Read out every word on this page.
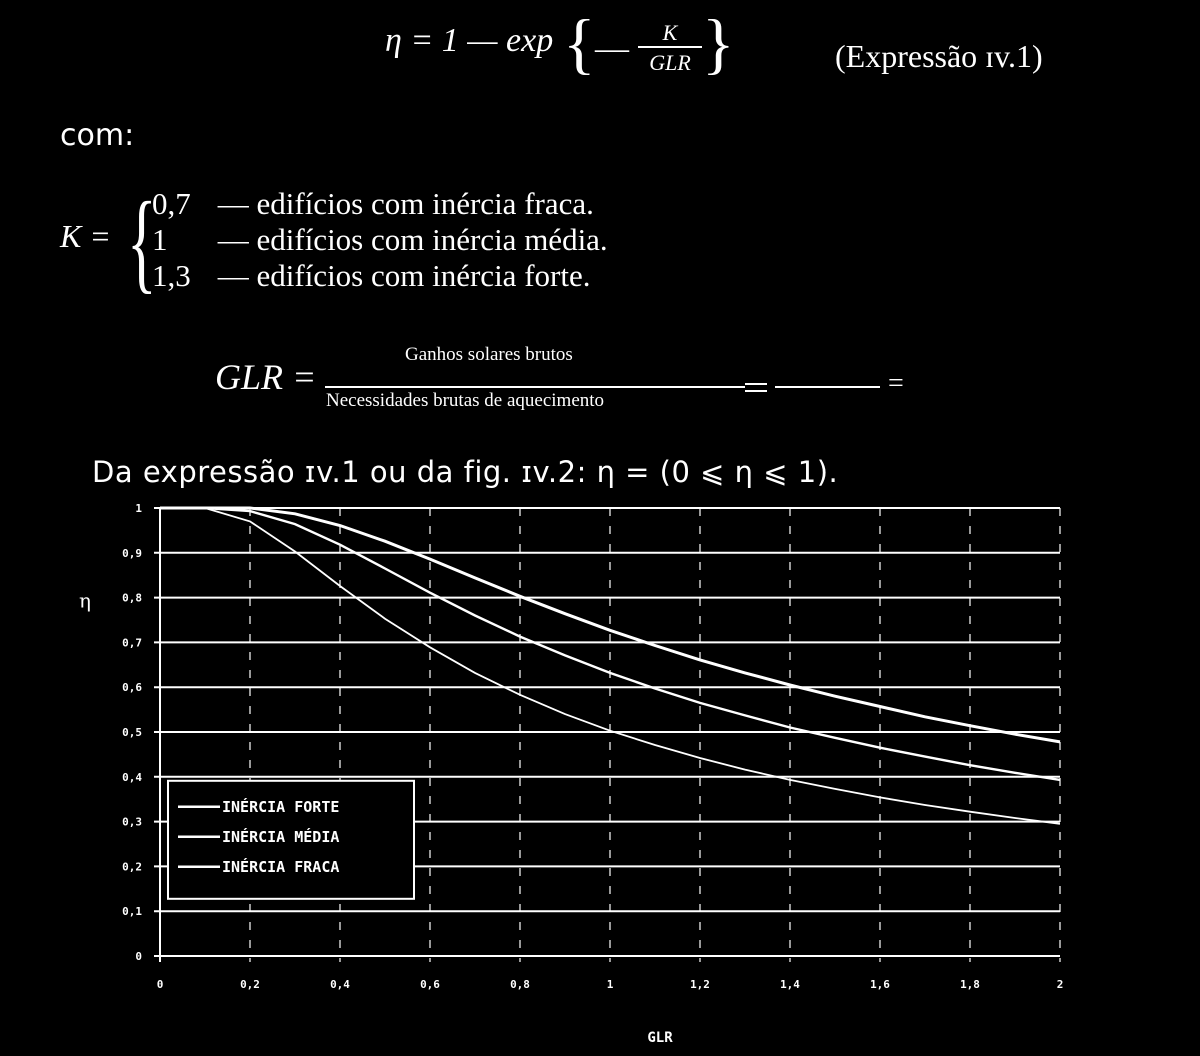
η = 1 — exp { —	K
GLR }	(Expressão ɪv.1)
com:
K = {
0,7 — edifícios com inércia fraca.
1 — edifícios com inércia média.
1,3 — edifícios com inércia forte.
GLR =
Ganhos solares brutos
Necessidades brutas de aquecimento
=
Da expressão ɪv.1 ou da fig. ɪv.2: η = (0 ⩽ η ⩽ 1).
0
0,1
0,2
0,3
0,4
0,5
0,6
0,7
0,8
0,9
1
0	0,2	0,4	0,6	0,8	1	1,2	1,4	1,6	1,8	2
GLR
η
INÉRCIA FORTE
INÉRCIA MÉDIA
INÉRCIA FRACA
